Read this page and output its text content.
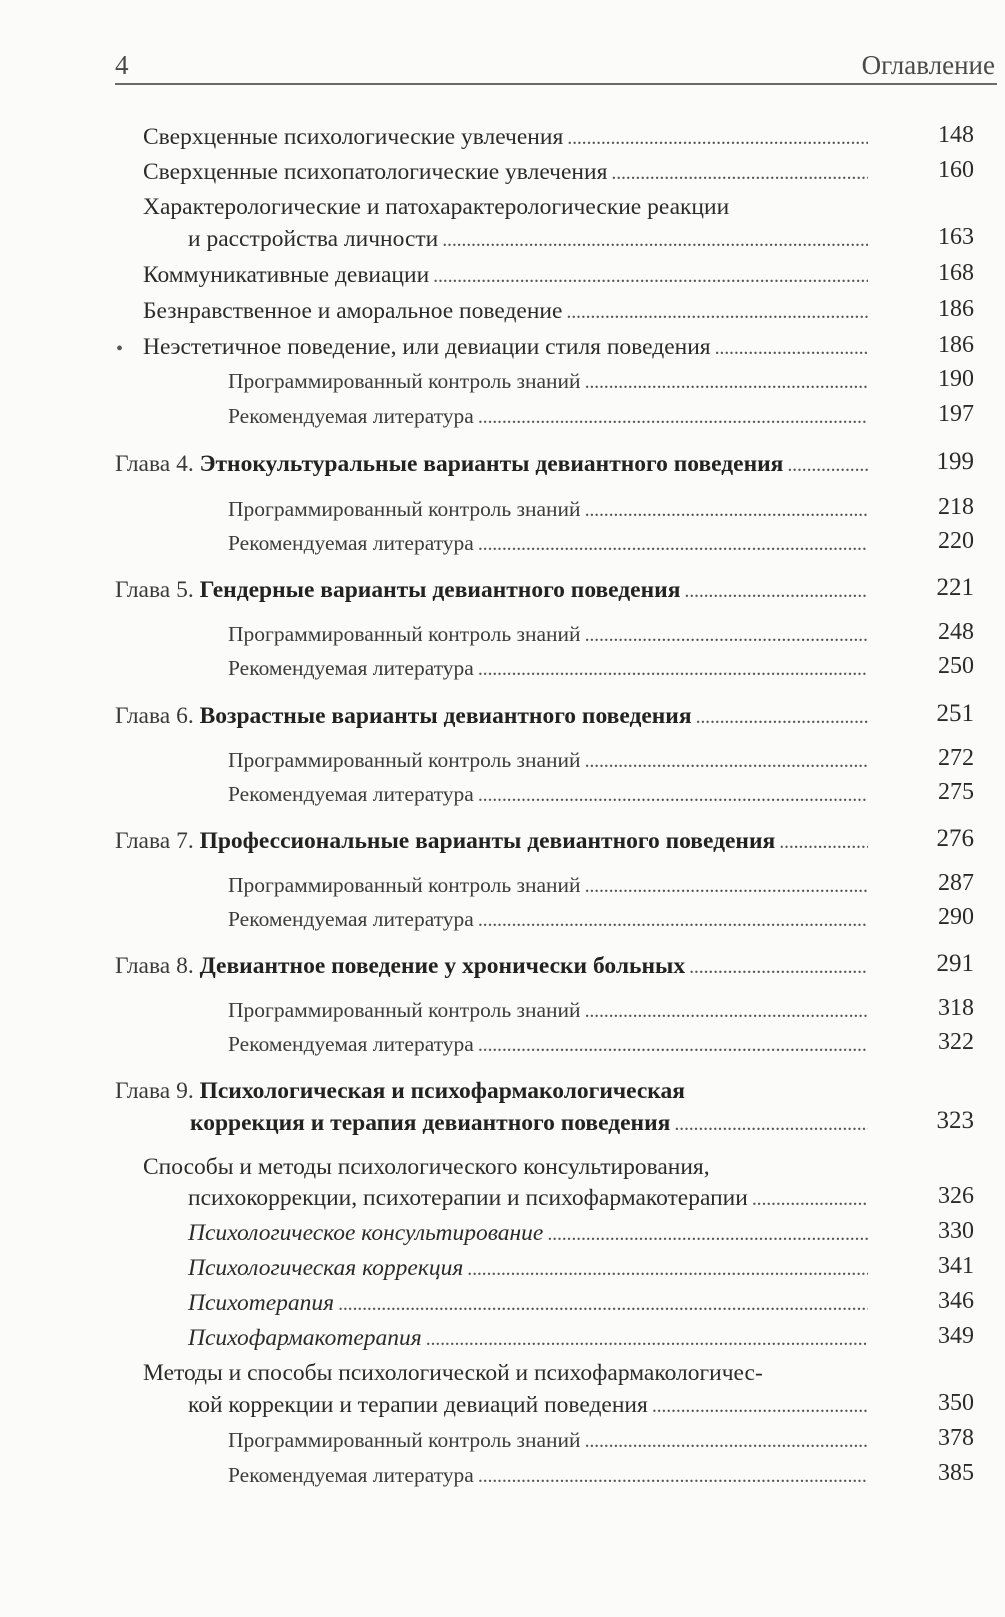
4	Оглавление
Сверхценные психологические увлечения . . .	148
Сверхценные психопатологические увлечения . . .	160
Характерологические и патохарактерологические реакции
и расстройства личности . . .	163
Коммуникативные девиации . . .	168
Безнравственное и аморальное поведение . . .	186
• Неэстетичное поведение, или девиации стиля поведения . . .	186
Программированный контроль знаний . . .	190
Рекомендуемая литература . . .	197
Глава 4.
Этнокультуральные варианты девиантного поведения . . .	199
Программированный контроль знаний . . .	218
Рекомендуемая литература . . .	220
Глава 5.
Гендерные варианты девиантного поведения . . .	221
Программированный контроль знаний . . .	248
Рекомендуемая литература . . .	250
Глава 6.
Возрастные варианты девиантного поведения . . .	251
Программированный контроль знаний . . .	272
Рекомендуемая литература . . .	275
Глава 7.
Профессиональные варианты девиантного поведения . . .	276
Программированный контроль знаний . . .	287
Рекомендуемая литература . . .	290
Глава 8.
Девиантное поведение у хронически больных . . .	291
Программированный контроль знаний . . .	318
Рекомендуемая литература . . .	322
Глава 9. Психологическая и психофармакологическая
коррекция и терапия девиантного поведения . . .	323
Способы и методы психологического консультирования,
психокоррекции, психотерапии и психофармакотерапии . . .	326
Психологическое консультирование . . .	330
Психологическая коррекция . . .	341
Психотерапия . . .	346
Психофармакотерапия . . .	349
Методы и способы психологической и психофармакологичес-
кой коррекции и терапии девиаций поведения . . .	350
Программированный контроль знаний . . .	378
Рекомендуемая литература . . .	385
